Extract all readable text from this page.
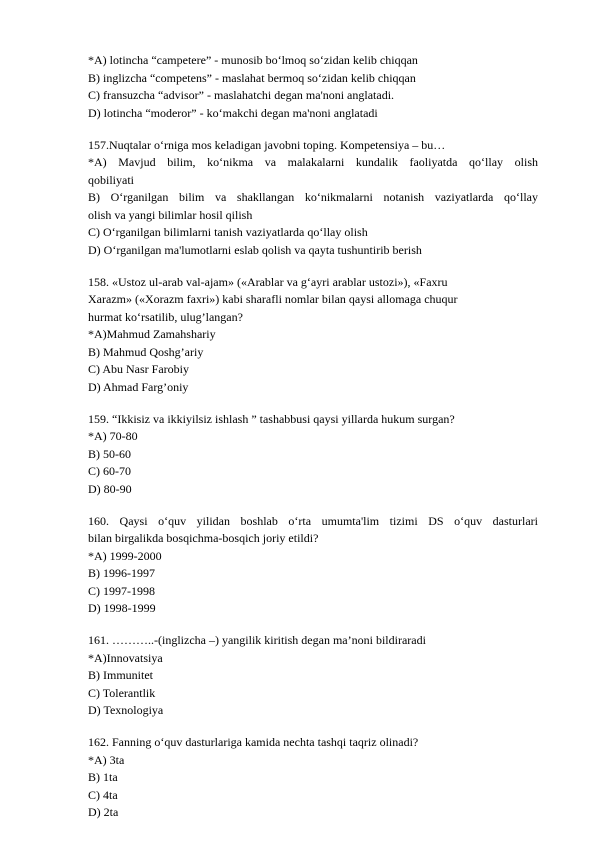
*A) lotincha “campetere” - munosib bo‘lmoq so‘zidan kelib chiqqan
B) inglizcha “competens” - maslahat bermoq so‘zidan kelib chiqqan
C) fransuzcha “advisor” - maslahatchi degan ma'noni anglatadi.
D) lotincha “moderor” - ko‘makchi degan ma'noni anglatadi
157.Nuqtalar o‘rniga mos keladigan javobni toping. Kompetensiya – bu…
*A) Mavjud bilim, ko‘nikma va malakalarni kundalik faoliyatda qo‘llay olish
qobiliyati
B) O‘rganilgan bilim va shakllangan ko‘nikmalarni notanish vaziyatlarda qo‘llay
olish va yangi bilimlar hosil qilish
C) O‘rganilgan bilimlarni tanish vaziyatlarda qo‘llay olish
D) O‘rganilgan ma'lumotlarni eslab qolish va qayta tushuntirib berish
158. «Ustoz ul-arab val-ajam» («Arablar va g‘ayri arablar ustozi»), «Faxru
Xarazm» («Xorazm faxri») kabi sharafli nomlar bilan qaysi allomaga chuqur
hurmat ko‘rsatilib, ulug’langan?
*A)Mahmud Zamahshariy
B) Mahmud Qoshg’ariy
C) Abu Nasr Farobiy
D) Ahmad Farg’oniy
159. “Ikkisiz va ikkiyilsiz ishlash ” tashabbusi qaysi yillarda hukum surgan?
*A) 70-80
B) 50-60
C) 60-70
D) 80-90
160. Qaysi o‘quv yilidan boshlab o‘rta umumta'lim tizimi DS o‘quv dasturlari
bilan birgalikda bosqichma-bosqich joriy etildi?
*A) 1999-2000
B) 1996-1997
C) 1997-1998
D) 1998-1999
161. ………..-(inglizcha –) yangilik kiritish degan ma’noni bildiraradi
*A)Innovatsiya
B) Immunitet
C) Tolerantlik
D) Texnologiya
162. Fanning o‘quv dasturlariga kamida nechta tashqi taqriz olinadi?
*A) 3ta
B) 1ta
C) 4ta
D) 2ta
